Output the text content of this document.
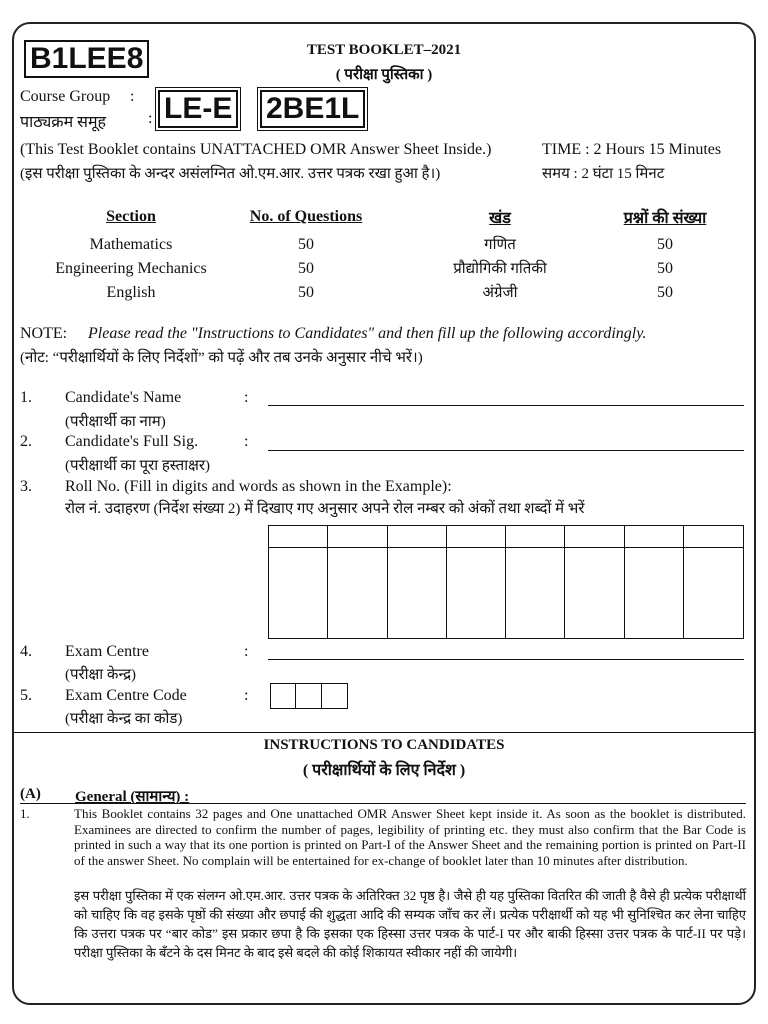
B1LEE8	TEST BOOKLET–2021
( परीक्षा पुस्तिका )
Course Group :
पाठ्यक्रम समूह	: LE-E 2BE1L
(This Test Booklet contains UNATTACHED OMR Answer Sheet Inside.)	TIME : 2 Hours 15 Minutes
(इस परीक्षा पुस्तिका के अन्दर असंलग्नित ओ.एम.आर. उत्तर पत्रक रखा हुआ है।)	समय : 2 घंटा 15 मिनट
Section	No. of Questions	खंड	प्रश्नों की संख्या
Mathematics	50	गणित	50
Engineering Mechanics	50	प्रौद्योगिकी गतिकी	50
English	50	अंग्रेजी	50
NOTE: Please read the "Instructions to Candidates" and then fill up the following accordingly.
(नोट: “परीक्षार्थियों के लिए निर्देशों” को पढ़ें और तब उनके अनुसार नीचे भरें।)
1. Candidate's Name	:
(परीक्षार्थी का नाम)
2. Candidate's Full Sig.	:
(परीक्षार्थी का पूरा हस्ताक्षर)
3. Roll No. (Fill in digits and words as shown in the Example):
रोल नं. उदाहरण (निर्देश संख्या 2) में दिखाए गए अनुसार अपने रोल नम्बर को अंकों तथा शब्दों में भरें
4. Exam Centre	:
(परीक्षा केन्द्र)
5. Exam Centre Code	:
(परीक्षा केन्द्र का कोड)
INSTRUCTIONS TO CANDIDATES
( परीक्षार्थियों के लिए निर्देश )
(A) General (सामान्य) :
1.	This Booklet contains 32 pages and One unattached OMR Answer Sheet kept inside it. As soon as the booklet is distributed. Examinees are directed to confirm the number of pages, legibility of printing etc. they must also confirm that the Bar Code is printed in such a way that its one portion is printed on Part-I of the Answer Sheet and the remaining portion is printed on Part-II of the answer Sheet. No complain will be entertained for ex-change of booklet later than 10 minutes after distribution.
इस परीक्षा पुस्तिका में एक संलग्न ओ.एम.आर. उत्तर पत्रक के अतिरिक्त 32 पृष्ठ है। जैसे ही यह पुस्तिका वितरित की जाती है वैसे ही प्रत्येक परीक्षार्थी को चाहिए कि वह इसके पृष्ठों की संख्या और छपाई की शुद्धता आदि की सम्यक जाँच कर लें। प्रत्येक परीक्षार्थी को यह भी सुनिश्चित कर लेना चाहिए कि उत्तरा पत्रक पर “बार कोड” इस प्रकार छपा है कि इसका एक हिस्सा उत्तर पत्रक के पार्ट-I पर और बाकी हिस्सा उत्तर पत्रक के पार्ट-II पर पड़े। परीक्षा पुस्तिका के बँटने के दस मिनट के बाद इसे बदले की कोई शिकायत स्वीकार नहीं की जायेगी।
